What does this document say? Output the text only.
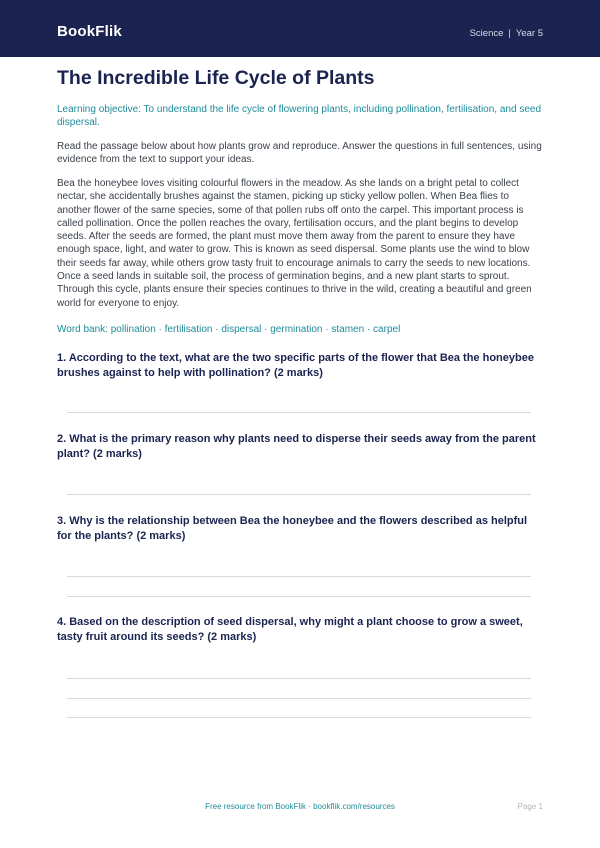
BookFlik	Science | Year 5
The Incredible Life Cycle of Plants

Learning objective: To understand the life cycle of flowering plants, including pollination, fertilisation, and seed dispersal.

Read the passage below about how plants grow and reproduce. Answer the questions in full sentences, using evidence from the text to support your ideas.

Bea the honeybee loves visiting colourful flowers in the meadow. As she lands on a bright petal to collect nectar, she accidentally brushes against the stamen, picking up sticky yellow pollen. When Bea flies to another flower of the same species, some of that pollen rubs off onto the carpel. This important process is called pollination. Once the pollen reaches the ovary, fertilisation occurs, and the plant begins to develop seeds. After the seeds are formed, the plant must move them away from the parent to ensure they have enough space, light, and water to grow. This is known as seed dispersal. Some plants use the wind to blow their seeds far away, while others grow tasty fruit to encourage animals to carry the seeds to new locations. Once a seed lands in suitable soil, the process of germination begins, and a new plant starts to sprout. Through this cycle, plants ensure their species continues to thrive in the wild, creating a beautiful and green world for everyone to enjoy.

Word bank: pollination · fertilisation · dispersal · germination · stamen · carpel

1. According to the text, what are the two specific parts of the flower that Bea the honeybee brushes against to help with pollination? (2 marks)
2. What is the primary reason why plants need to disperse their seeds away from the parent plant? (2 marks)
3. Why is the relationship between Bea the honeybee and the flowers described as helpful for the plants? (2 marks)
4. Based on the description of seed dispersal, why might a plant choose to grow a sweet, tasty fruit around its seeds? (2 marks)
Free resource from BookFlik · bookflik.com/resources	Page 1
